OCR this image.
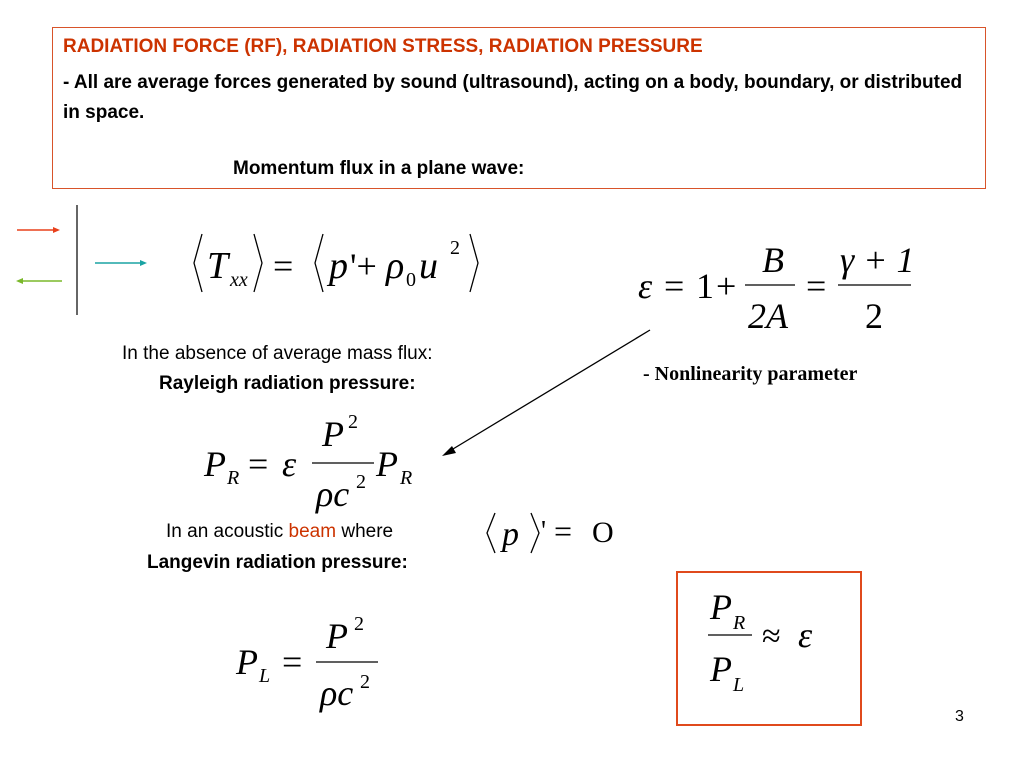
RADIATION FORCE (RF), RADIATION STRESS, RADIATION PRESSURE
- All are average forces generated by sound (ultrasound), acting on a body, boundary, or distributed in space.
Momentum flux in a plane wave:
T xx = p '+ ρ 0 u 2
ε = 1 +
B
2A
=
γ + 1
2
In the absence of average mass flux:
Rayleigh radiation pressure:	- Nonlinearity parameter
P R = ε
P 2
ρc 2 P R
In an acoustic beam where
Langevin radiation pressure:
p ' = O
P L =
P 2
ρc 2
P R
P L
≈ ε
3
